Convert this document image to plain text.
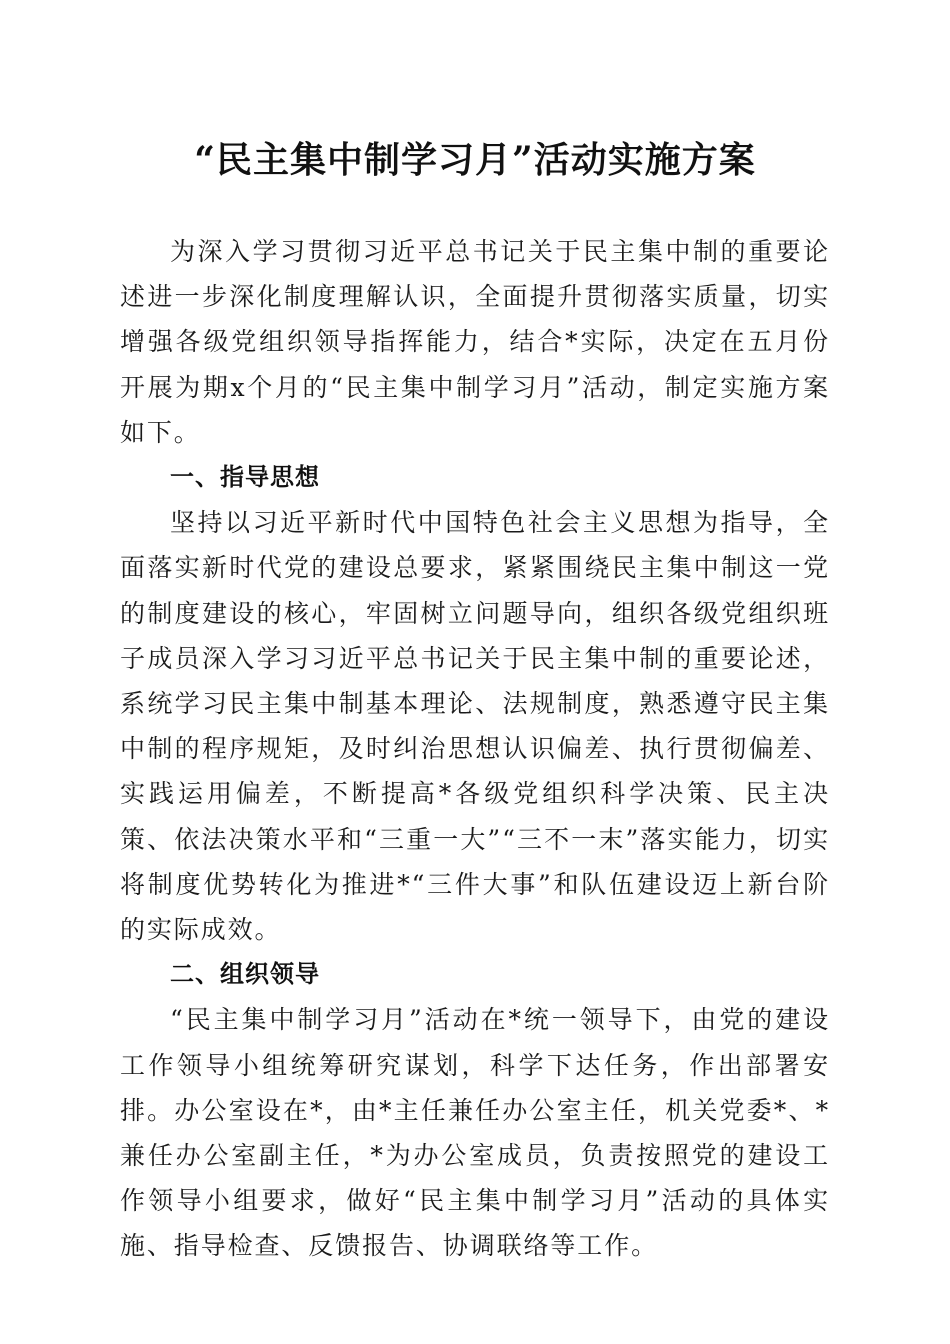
“民主集中制学习月”活动实施方案

为深入学习贯彻习近平总书记关于民主集中制的重要论述进一步深化制度理解认识，全面提升贯彻落实质量，切实增强各级党组织领导指挥能力，结合*实际，决定在五月份开展为期x个月的“民主集中制学习月”活动，制定实施方案如下。

一、指导思想

坚持以习近平新时代中国特色社会主义思想为指导，全面落实新时代党的建设总要求，紧紧围绕民主集中制这一党的制度建设的核心，牢固树立问题导向，组织各级党组织班子成员深入学习习近平总书记关于民主集中制的重要论述，系统学习民主集中制基本理论、法规制度，熟悉遵守民主集中制的程序规矩，及时纠治思想认识偏差、执行贯彻偏差、实践运用偏差，不断提高*各级党组织科学决策、民主决策、依法决策水平和“三重一大”“三不一末”落实能力，切实将制度优势转化为推进*“三件大事”和队伍建设迈上新台阶的实际成效。

二、组织领导

“民主集中制学习月”活动在*统一领导下，由党的建设工作领导小组统筹研究谋划，科学下达任务，作出部署安排。办公室设在*，由*主任兼任办公室主任，机关党委*、*兼任办公室副主任，*为办公室成员，负责按照党的建设工作领导小组要求，做好“民主集中制学习月”活动的具体实施、指导检查、反馈报告、协调联络等工作。
